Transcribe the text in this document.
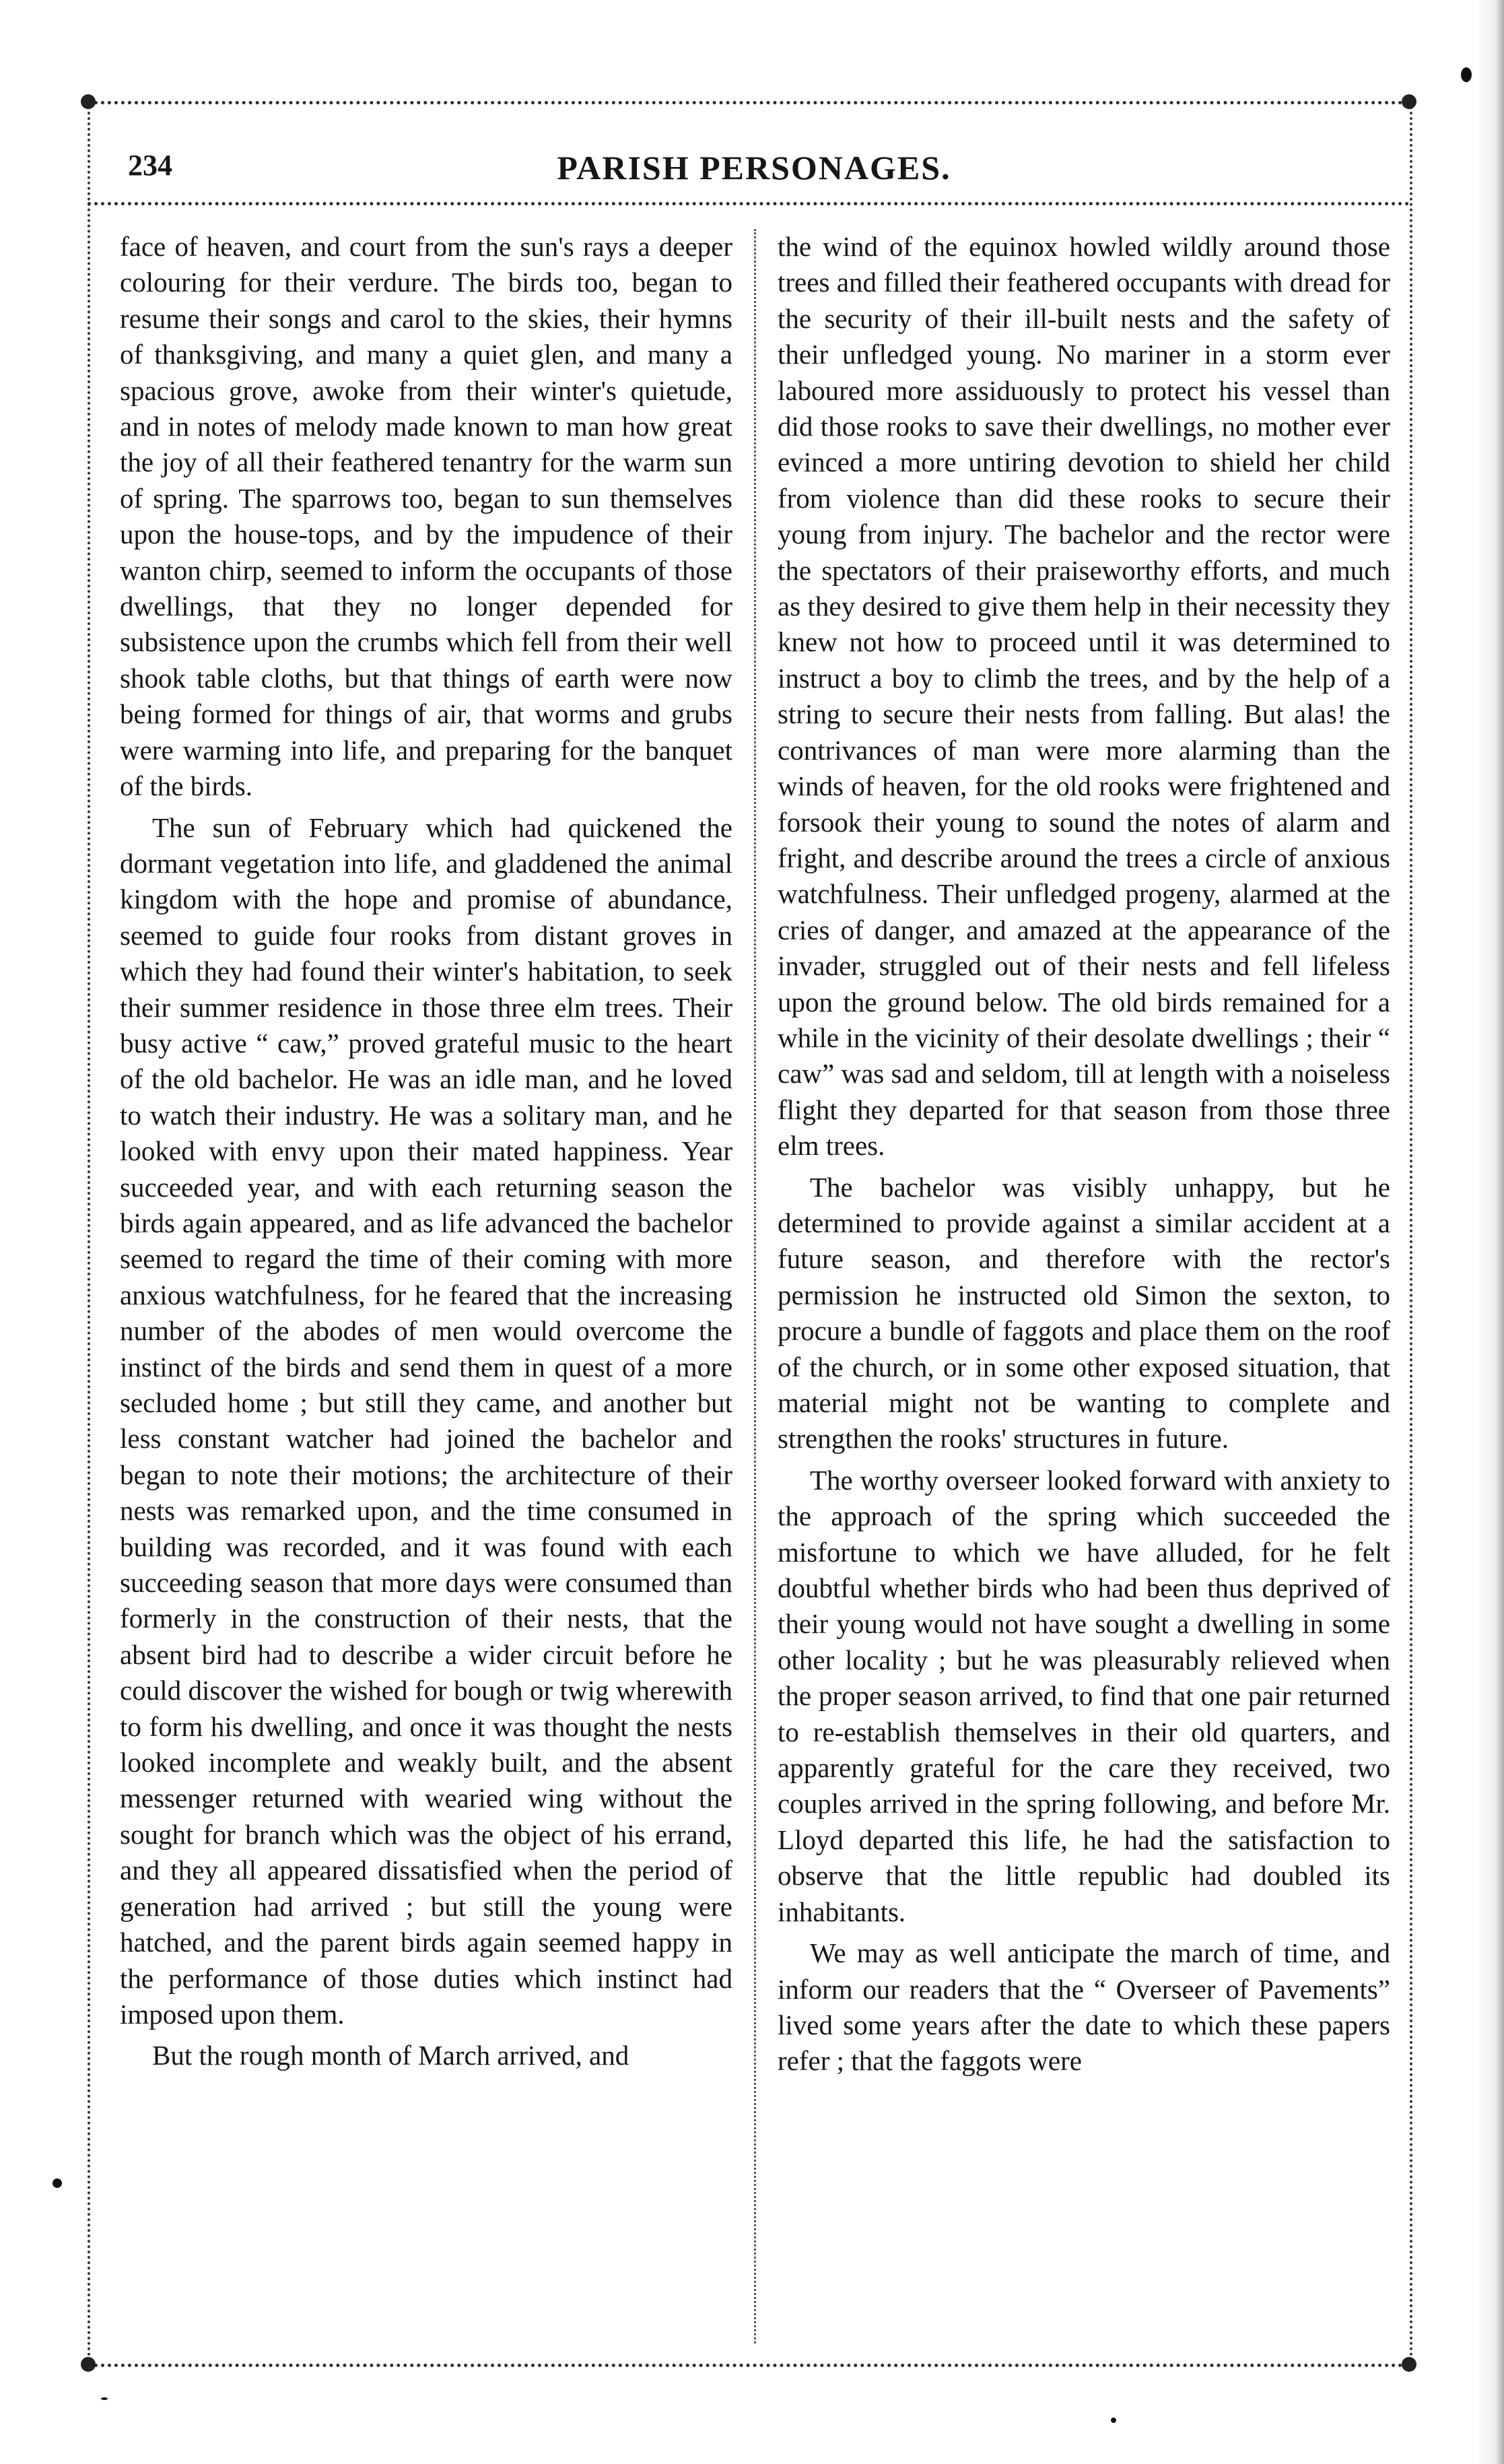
234	PARISH PERSONAGES.

face of heaven, and court from the sun's rays a deeper colouring for their verdure. The birds too, began to resume their songs and carol to the skies, their hymns of thanksgiving, and many a quiet glen, and many a spacious grove, awoke from their winter's quietude, and in notes of melody made known to man how great the joy of all their feathered tenantry for the warm sun of spring. The sparrows too, began to sun themselves upon the house-tops, and by the impudence of their wanton chirp, seemed to inform the occupants of those dwellings, that they no longer depended for subsistence upon the crumbs which fell from their well shook table cloths, but that things of earth were now being formed for things of air, that worms and grubs were warming into life, and preparing for the banquet of the birds.

The sun of February which had quickened the dormant vegetation into life, and gladdened the animal kingdom with the hope and promise of abundance, seemed to guide four rooks from distant groves in which they had found their winter's habitation, to seek their summer residence in those three elm trees. Their busy active “ caw,” proved grateful music to the heart of the old bachelor. He was an idle man, and he loved to watch their industry. He was a solitary man, and he looked with envy upon their mated happiness. Year succeeded year, and with each returning season the birds again appeared, and as life advanced the bachelor seemed to regard the time of their coming with more anxious watchfulness, for he feared that the increasing number of the abodes of men would overcome the instinct of the birds and send them in quest of a more secluded home ; but still they came, and another but less constant watcher had joined the bachelor and began to note their motions; the architecture of their nests was remarked upon, and the time consumed in building was recorded, and it was found with each succeeding season that more days were consumed than formerly in the construction of their nests, that the absent bird had to describe a wider circuit before he could discover the wished for bough or twig wherewith to form his dwelling, and once it was thought the nests looked incomplete and weakly built, and the absent messenger returned with wearied wing without the sought for branch which was the object of his errand, and they all appeared dissatisfied when the period of generation had arrived ; but still the young were hatched, and the parent birds again seemed happy in the performance of those duties which instinct had imposed upon them.

But the rough month of March arrived, and

the wind of the equinox howled wildly around those trees and filled their feathered occupants with dread for the security of their ill-built nests and the safety of their unfledged young. No mariner in a storm ever laboured more assiduously to protect his vessel than did those rooks to save their dwellings, no mother ever evinced a more untiring devotion to shield her child from violence than did these rooks to secure their young from injury. The bachelor and the rector were the spectators of their praiseworthy efforts, and much as they desired to give them help in their necessity they knew not how to proceed until it was determined to instruct a boy to climb the trees, and by the help of a string to secure their nests from falling. But alas! the contrivances of man were more alarming than the winds of heaven, for the old rooks were frightened and forsook their young to sound the notes of alarm and fright, and describe around the trees a circle of anxious watchfulness. Their unfledged progeny, alarmed at the cries of danger, and amazed at the appearance of the invader, struggled out of their nests and fell lifeless upon the ground below. The old birds remained for a while in the vicinity of their desolate dwellings ; their “ caw” was sad and seldom, till at length with a noiseless flight they departed for that season from those three elm trees.

The bachelor was visibly unhappy, but he determined to provide against a similar accident at a future season, and therefore with the rector's permission he instructed old Simon the sexton, to procure a bundle of faggots and place them on the roof of the church, or in some other exposed situation, that material might not be wanting to complete and strengthen the rooks' structures in future.

The worthy overseer looked forward with anxiety to the approach of the spring which succeeded the misfortune to which we have alluded, for he felt doubtful whether birds who had been thus deprived of their young would not have sought a dwelling in some other locality ; but he was pleasurably relieved when the proper season arrived, to find that one pair returned to re-establish themselves in their old quarters, and apparently grateful for the care they received, two couples arrived in the spring following, and before Mr. Lloyd departed this life, he had the satisfaction to observe that the little republic had doubled its inhabitants.

We may as well anticipate the march of time, and inform our readers that the “ Overseer of Pavements” lived some years after the date to which these papers refer ; that the faggots were
